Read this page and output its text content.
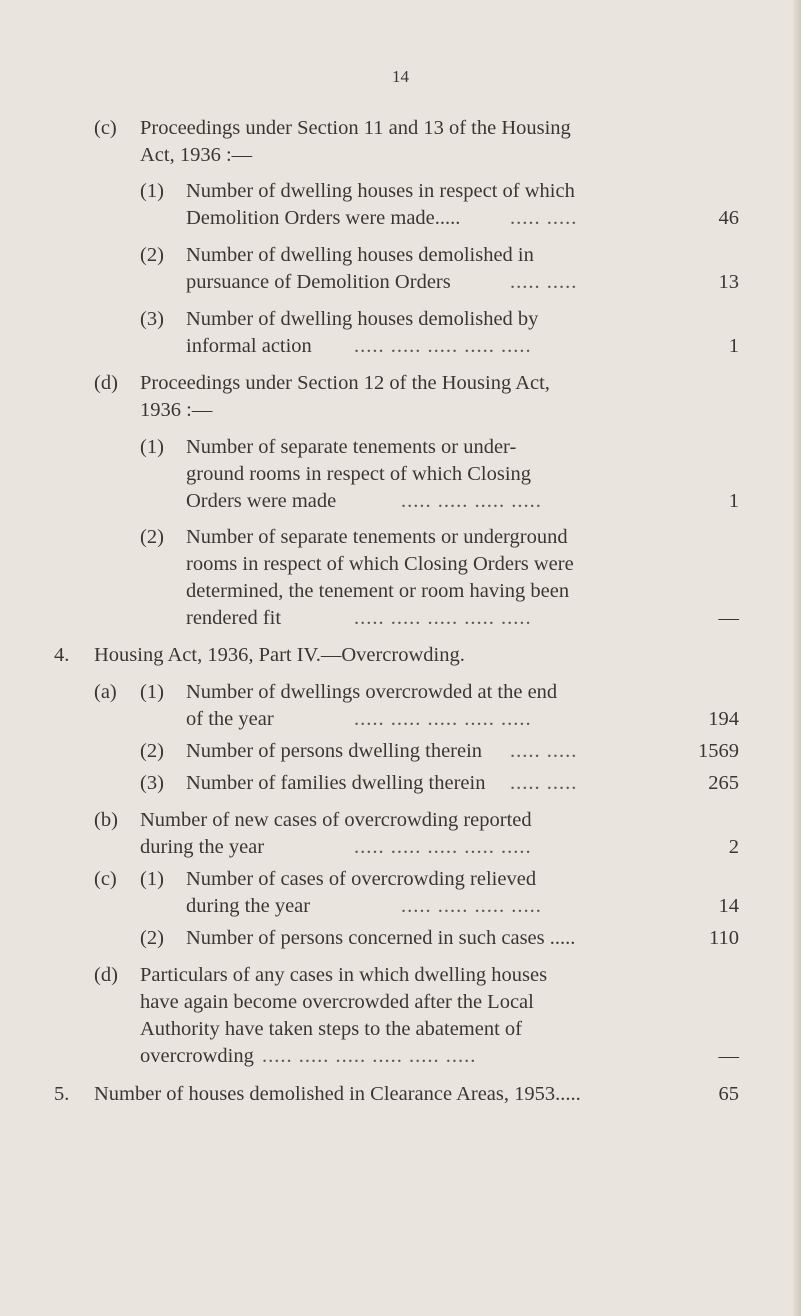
14
(c) Proceedings under Section 11 and 13 of the Housing
Act, 1936 :—
(1) Number of dwelling houses in respect of which
Demolition Orders were made..... ..... .....	46
(2) Number of dwelling houses demolished in
pursuance of Demolition Orders	..... .....	13
(3) Number of dwelling houses demolished by
informal action ..... ..... ..... ..... .....	1
(d) Proceedings under Section 12 of the Housing Act,
1936 :—
(1) Number of separate tenements or under-
ground rooms in respect of which Closing
Orders were made	..... ..... ..... .....	1
(2) Number of separate tenements or underground
rooms in respect of which Closing Orders were
determined, the tenement or room having been
rendered fit	..... ..... ..... ..... .....	—
4. Housing Act, 1936, Part IV.—Overcrowding.
(a) (1) Number of dwellings overcrowded at the end
of the year	..... ..... ..... ..... .....	194
(2) Number of persons dwelling therein ..... .....	1569
(3) Number of families dwelling therein ..... .....	265
(b) Number of new cases of overcrowding reported
during the year	..... ..... ..... ..... .....	2
(c) (1) Number of cases of overcrowding relieved
during the year	..... ..... ..... .....	14
(2) Number of persons concerned in such cases .....	110
(d) Particulars of any cases in which dwelling houses
have again become overcrowded after the Local
Authority have taken steps to the abatement of
overcrowding ..... ..... ..... ..... ..... .....	—
5. Number of houses demolished in Clearance Areas, 1953.....	65
